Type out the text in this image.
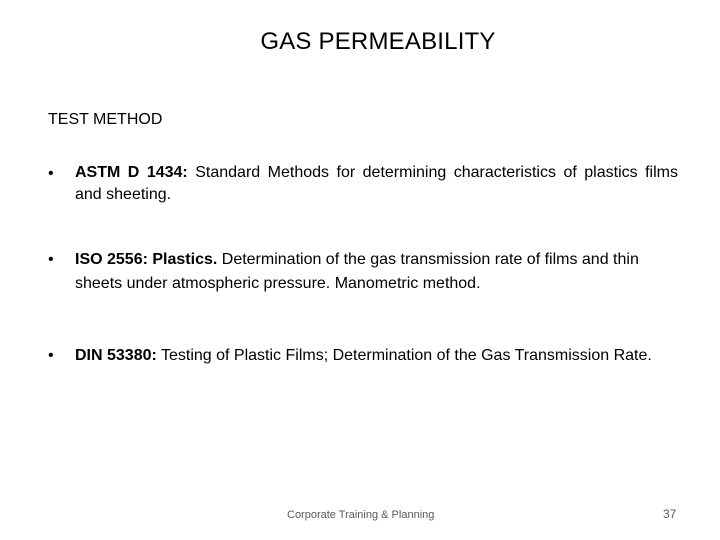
GAS PERMEABILITY
TEST METHOD
• ASTM D 1434: Standard Methods for determining characteristics of plastics films and sheeting.
• ISO 2556: Plastics. Determination of the gas transmission rate of films and thin sheets under atmospheric pressure. Manometric method.
• DIN 53380: Testing of Plastic Films; Determination of the Gas Transmission Rate.
Corporate Training & Planning	37
